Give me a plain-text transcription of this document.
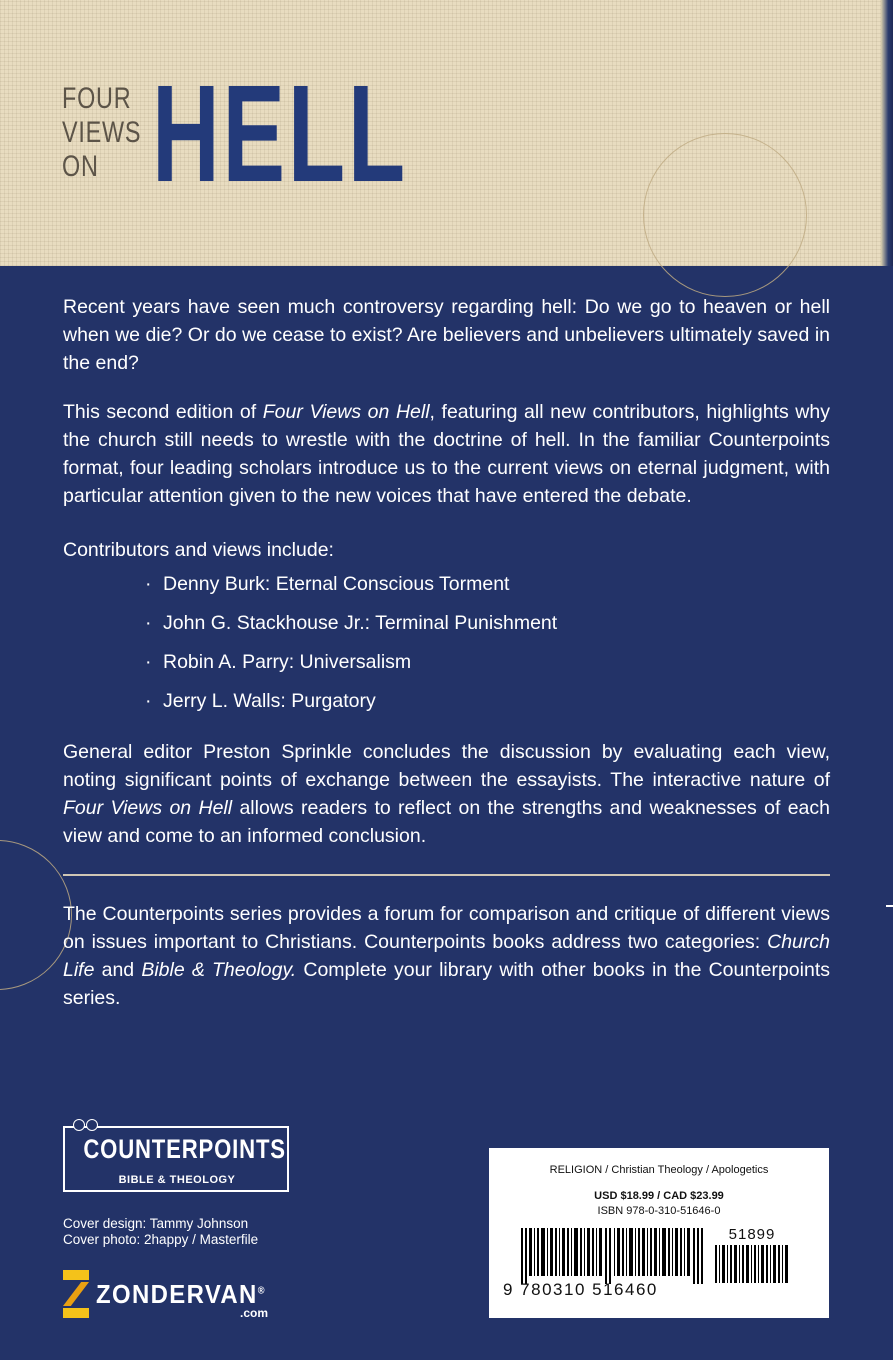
FOUR
VIEWS
ON HELL
Recent years have seen much controversy regarding hell: Do we go to heaven or hell when we die? Or do we cease to exist? Are believers and unbelievers ultimately saved in the end?
This second edition of Four Views on Hell, featuring all new contributors, highlights why the church still needs to wrestle with the doctrine of hell. In the familiar Counterpoints format, four leading scholars introduce us to the current views on eternal judgment, with particular attention given to the new voices that have entered the debate.
Contributors and views include:
· Denny Burk: Eternal Conscious Torment
· John G. Stackhouse Jr.: Terminal Punishment
· Robin A. Parry: Universalism
· Jerry L. Walls: Purgatory
General editor Preston Sprinkle concludes the discussion by evaluating each view, noting significant points of exchange between the essayists. The interactive nature of Four Views on Hell allows readers to reflect on the strengths and weaknesses of each view and come to an informed conclusion.
The Counterpoints series provides a forum for comparison and critique of different views on issues important to Christians. Counterpoints books address two categories: Church Life and Bible & Theology. Complete your library with other books in the Counterpoints series.
COUNTERPOINTS
BIBLE & THEOLOGY
Cover design: Tammy Johnson
Cover photo: 2happy / Masterfile
ZONDERVAN®
.com
RELIGION / Christian Theology / Apologetics
USD $18.99 / CAD $23.99
ISBN 978-0-310-51646-0
51899
9 780310 516460
